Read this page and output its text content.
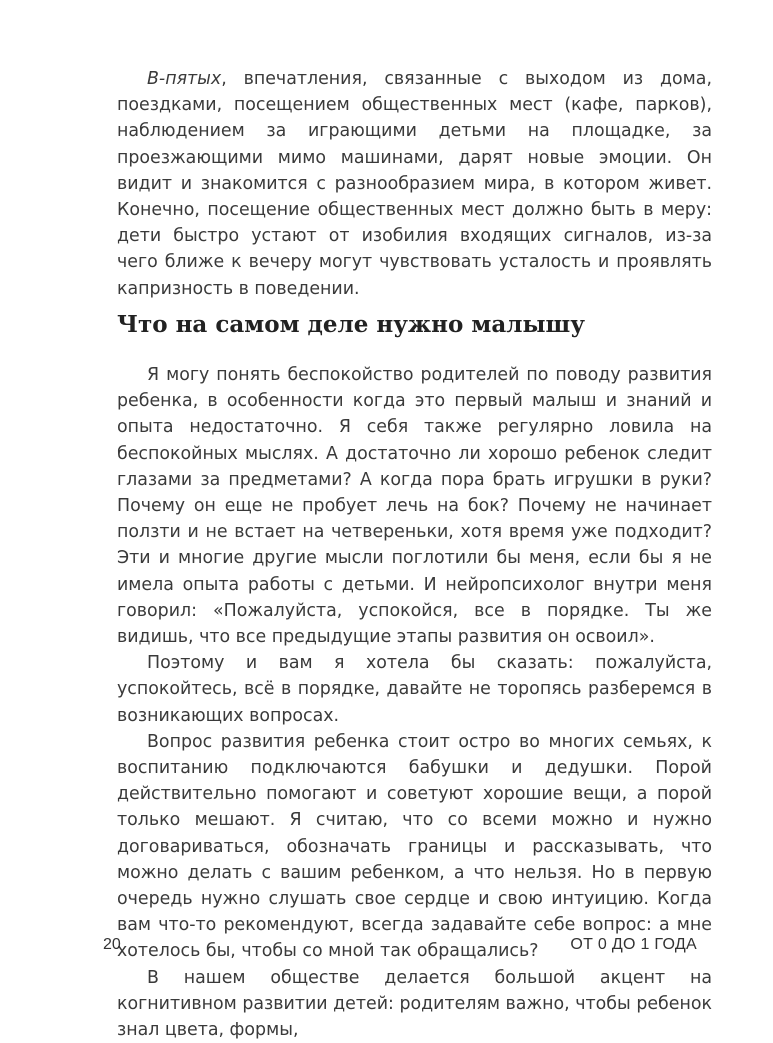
В-пятых, впечатления, связанные с выходом из дома, поездками, посещением общественных мест (кафе, парков), наблюдением за играющими детьми на площадке, за проезжающими мимо машинами, дарят новые эмоции. Он видит и знакомится с разнообразием мира, в котором живет. Конечно, посещение общественных мест должно быть в меру: дети быстро устают от изобилия входящих сигналов, из-за чего ближе к вечеру могут чувствовать усталость и проявлять капризность в поведении.

Что на самом деле нужно малышу

Я могу понять беспокойство родителей по поводу развития ребенка, в особенности когда это первый малыш и знаний и опыта недостаточно. Я себя также регулярно ловила на беспокойных мыслях. А достаточно ли хорошо ребенок следит глазами за предметами? А когда пора брать игрушки в руки? Почему он еще не пробует лечь на бок? Почему не начинает ползти и не встает на четвереньки, хотя время уже подходит? Эти и многие другие мысли поглотили бы меня, если бы я не имела опыта работы с детьми. И нейропсихолог внутри меня говорил: «Пожалуйста, успокойся, все в порядке. Ты же видишь, что все предыдущие этапы развития он освоил».

Поэтому и вам я хотела бы сказать: пожалуйста, успокойтесь, всё в порядке, давайте не торопясь разберемся в возникающих вопросах.

Вопрос развития ребенка стоит остро во многих семьях, к воспитанию подключаются бабушки и дедушки. Порой действительно помогают и советуют хорошие вещи, а порой только мешают. Я считаю, что со всеми можно и нужно договариваться, обозначать границы и рассказывать, что можно делать с вашим ребенком, а что нельзя. Но в первую очередь нужно слушать свое сердце и свою интуицию. Когда вам что-то рекомендуют, всегда задавайте себе вопрос: а мне хотелось бы, чтобы со мной так обращались?

В нашем обществе делается большой акцент на когнитивном развитии детей: родителям важно, чтобы ребенок знал цвета, формы,

20	ОТ 0 ДО 1 ГОДА
